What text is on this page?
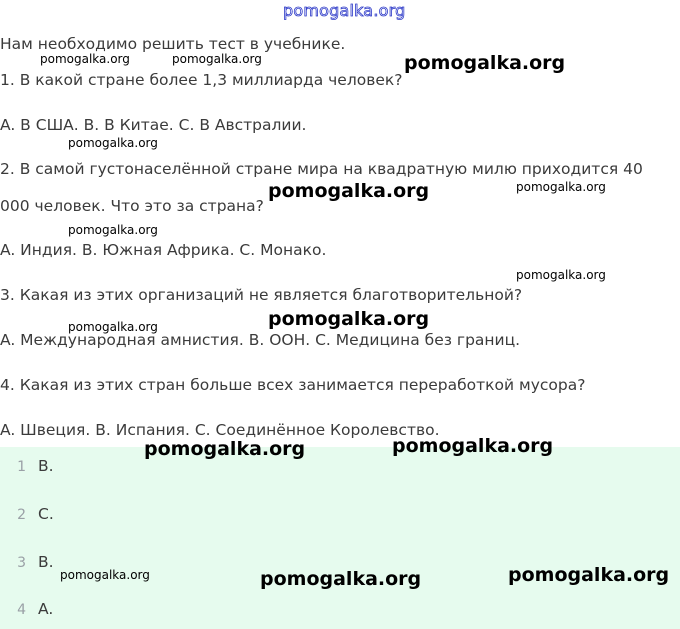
pomogalka.org
Нам необходимо решить тест в учебнике.
1. В какой стране более 1,3 миллиарда человек?
A. В США. B. В Китае. C. В Австралии.
2. В самой густонаселённой стране мира на квадратную милю приходится 40
000 человек. Что это за страна?
A. Индия. B. Южная Африка. C. Монако.
3. Какая из этих организаций не является благотворительной?
A. Международная амнистия. B. ООН. C. Медицина без границ.
4. Какая из этих стран больше всех занимается переработкой мусора?
A. Швеция. B. Испания. C. Соединённое Королевство.
1 B.
2 C.
3 B.
4 A.
pomogalka.org	pomogalka.org	pomogalka.org
pomogalka.org
pomogalka.org	pomogalka.org
pomogalka.org
pomogalka.org
pomogalka.org
pomogalka.org
pomogalka.org	pomogalka.org
pomogalka.org	pomogalka.org	pomogalka.org
